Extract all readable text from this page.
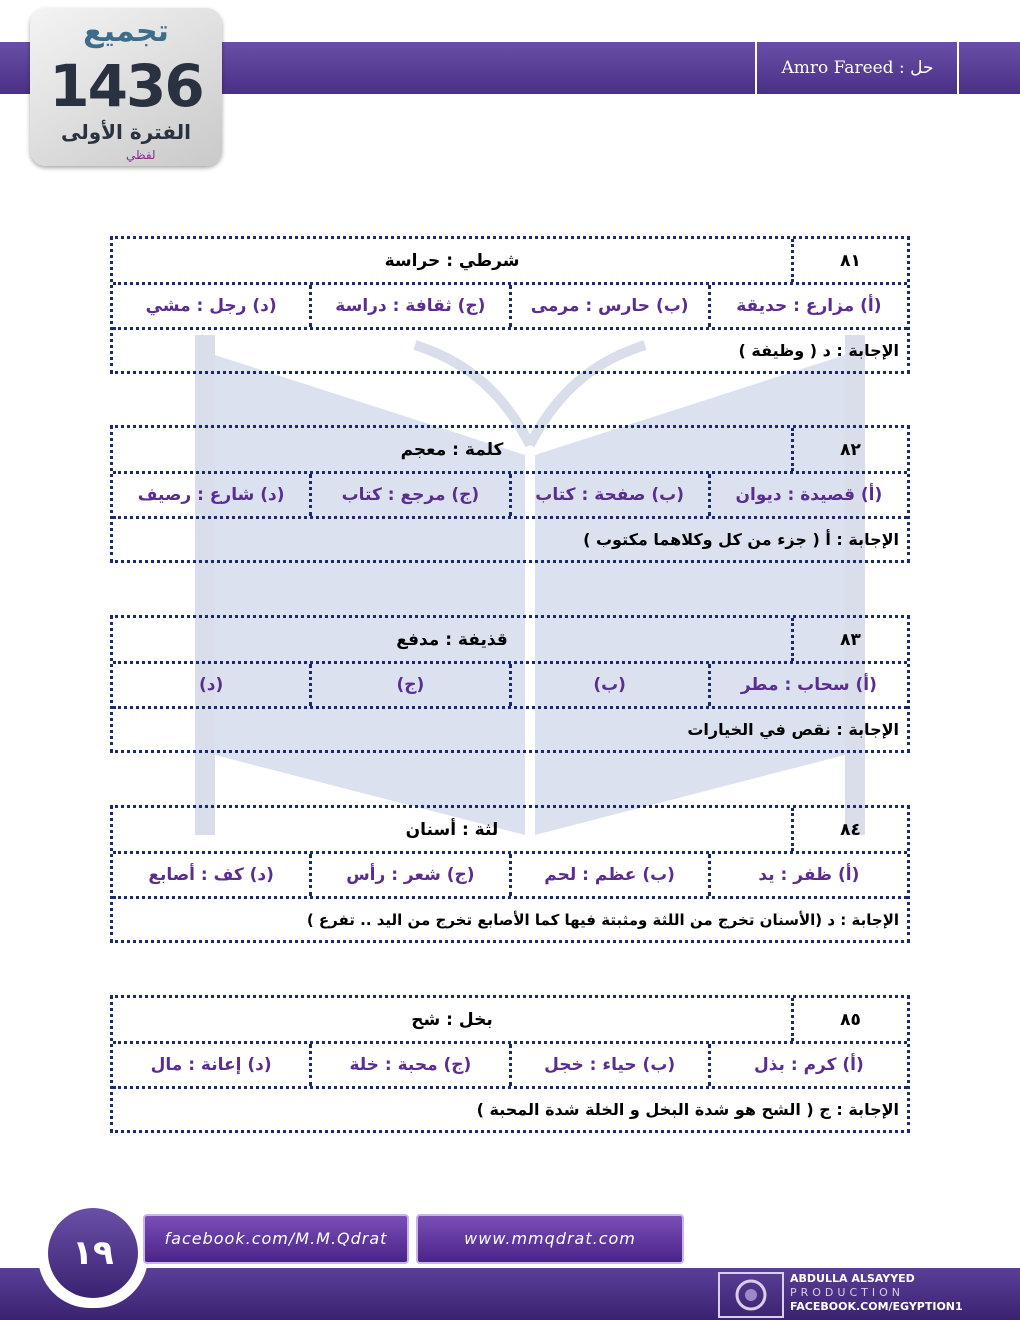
Amro Fareed : حل
تجميع
1436
الفترة الأولى
لفظي
٨١
شرطي : حراسة
(أ) مزارع : حديقة
(ب) حارس : مرمى
(ج) ثقافة : دراسة
(د) رجل : مشي
الإجابة : د ( وظيفة )
٨٢
كلمة : معجم
(أ) قصيدة : ديوان
(ب) صفحة : كتاب
(ج) مرجع : كتاب
(د) شارع : رصيف
الإجابة : أ ( جزء من كل وكلاهما مكتوب )
٨٣
قذيفة : مدفع
(أ) سحاب : مطر
(ب)
(ج)
(د)
الإجابة : نقص في الخيارات
٨٤
لثة : أسنان
(أ) ظفر : يد
(ب) عظم : لحم
(ج) شعر : رأس
(د) كف : أصابع
الإجابة : د (الأسنان تخرج من اللثة ومثبتة فيها كما الأصابع تخرج من اليد .. تفرع )
٨٥
بخل : شح
(أ) كرم : بذل
(ب) حياء : خجل
(ج) محبة : خلة
(د) إعانة : مال
الإجابة : ج ( الشح هو شدة البخل و الخلة شدة المحبة )
١٩	facebook.com/M.M.Qdrat	www.mmqdrat.com
ABDULLA ALSAYYED
PRODUCTION
FACEBOOK.COM/EGYPTION1
